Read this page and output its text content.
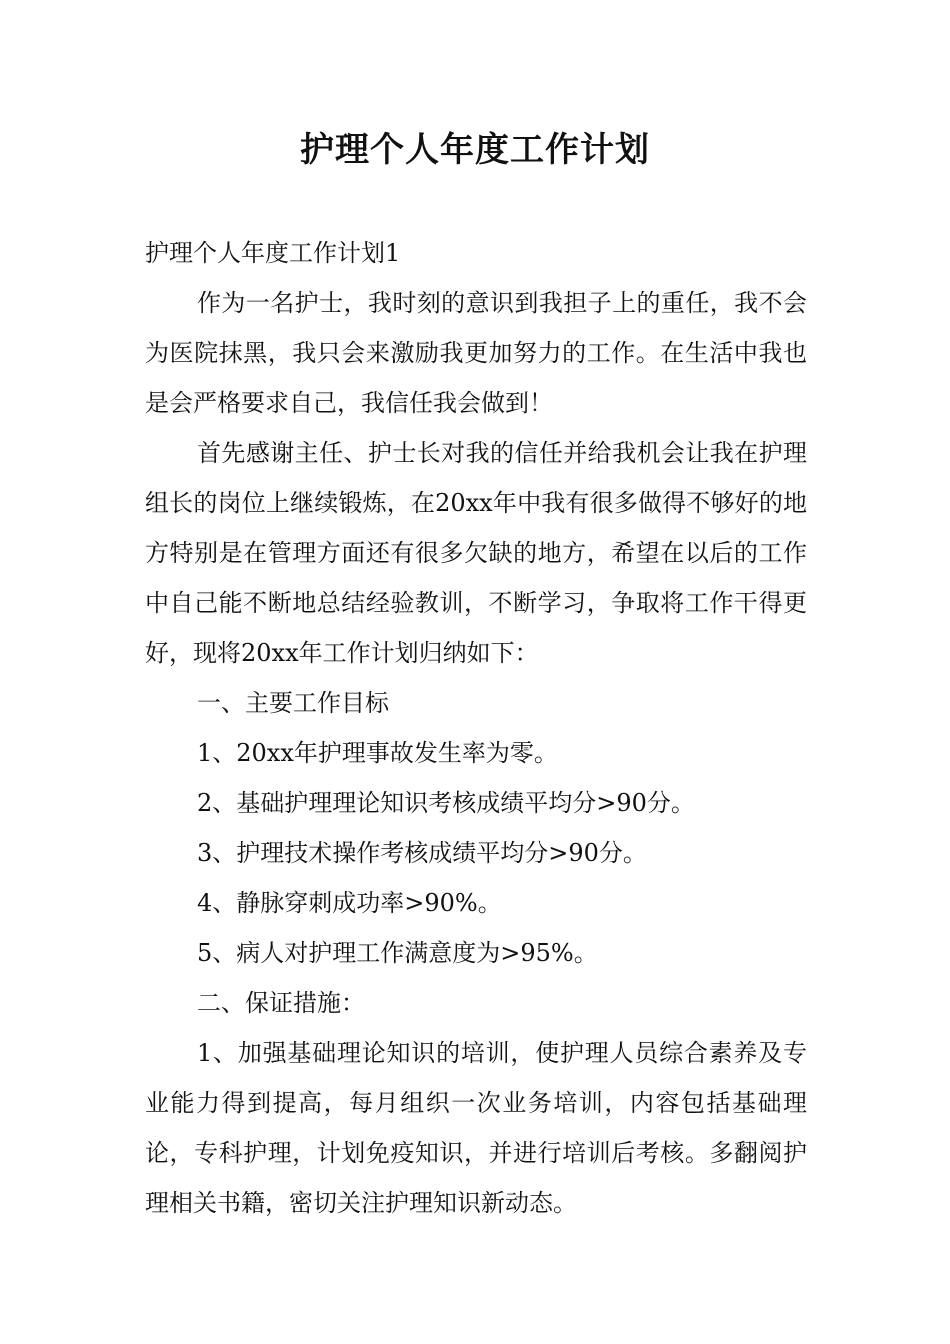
护理个人年度工作计划

护理个人年度工作计划1

作为一名护士，我时刻的意识到我担子上的重任，我不会为医院抹黑，我只会来激励我更加努力的工作。在生活中我也是会严格要求自己，我信任我会做到！

首先感谢主任、护士长对我的信任并给我机会让我在护理组长的岗位上继续锻炼，在20xx年中我有很多做得不够好的地方特别是在管理方面还有很多欠缺的地方，希望在以后的工作中自己能不断地总结经验教训，不断学习，争取将工作干得更好，现将20xx年工作计划归纳如下：

一、主要工作目标

1、20xx年护理事故发生率为零。

2、基础护理理论知识考核成绩平均分>90分。

3、护理技术操作考核成绩平均分>90分。

4、静脉穿刺成功率>90%。

5、病人对护理工作满意度为>95%。

二、保证措施：

1、加强基础理论知识的培训，使护理人员综合素养及专业能力得到提高，每月组织一次业务培训，内容包括基础理论，专科护理，计划免疫知识，并进行培训后考核。多翻阅护理相关书籍，密切关注护理知识新动态。
